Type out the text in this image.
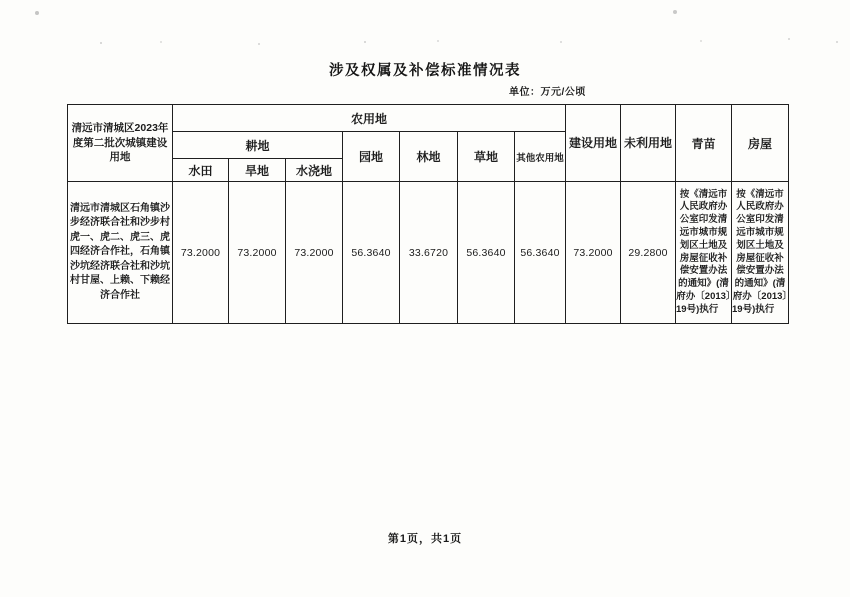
涉及权属及补偿标准情况表
单位：万元/公顷
清远市清城区2023年度第二批次城镇建设用地	农用地							建设用地	未利用地	青苗	房屋
	耕地			园地	林地	草地	其他农用地				
	水田	旱地	水浇地								
清远市清城区石角镇沙步经济联合社和沙步村虎一、虎二、虎三、虎四经济合作社，石角镇沙坑经济联合社和沙坑村甘屋、上赖、下赖经济合作社	73.2000	73.2000	73.2000	56.3640	33.6720	56.3640	56.3640	73.2000	29.2800	按《清远市人民政府办公室印发清远市城市规划区土地及房屋征收补偿安置办法的通知》(清府办〔2013〕19号)执行	按《清远市人民政府办公室印发清远市城市规划区土地及房屋征收补偿安置办法的通知》(清府办〔2013〕19号)执行
第1页，共1页
